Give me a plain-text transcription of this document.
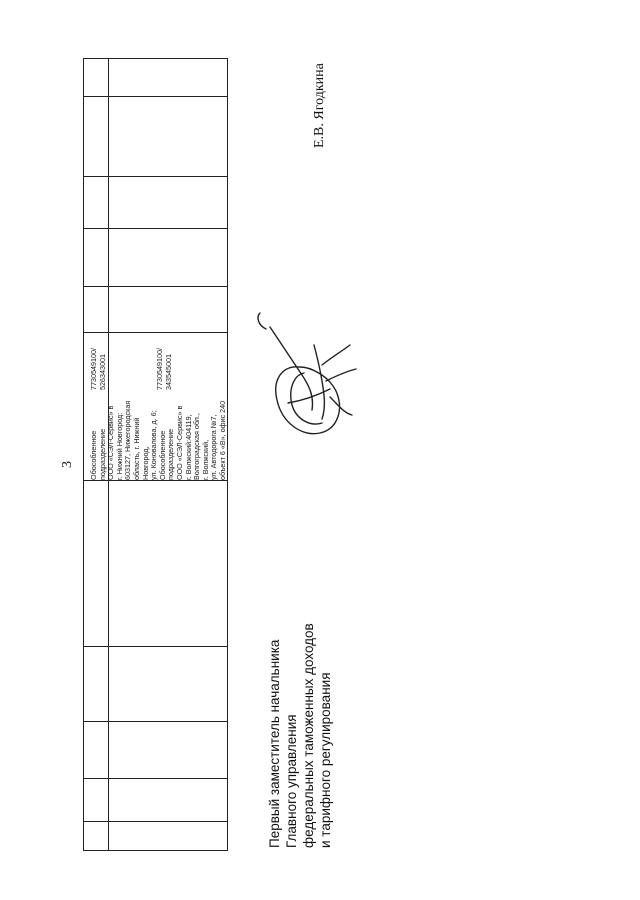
3 Обособленное подразделение ООО «СЭЛ-Сервис» в г. Нижний Новгород: 603127, Нижегородская область, г. Нижний Новгород, ул. Коновалова, д. 6; Обособленное подразделение ООО «СЭЛ-Сервис» в г. Волжский:404119, Волгоградская обл., г. Волжский, ул. Автодорога №7, объект 6 «В», офис 240
7730549100/ 526343001	7730549100/ 343545001
Первый заместитель начальника Главного управления федеральных таможенных доходов и тарифного регулирования
Е.В. Ягодкина
